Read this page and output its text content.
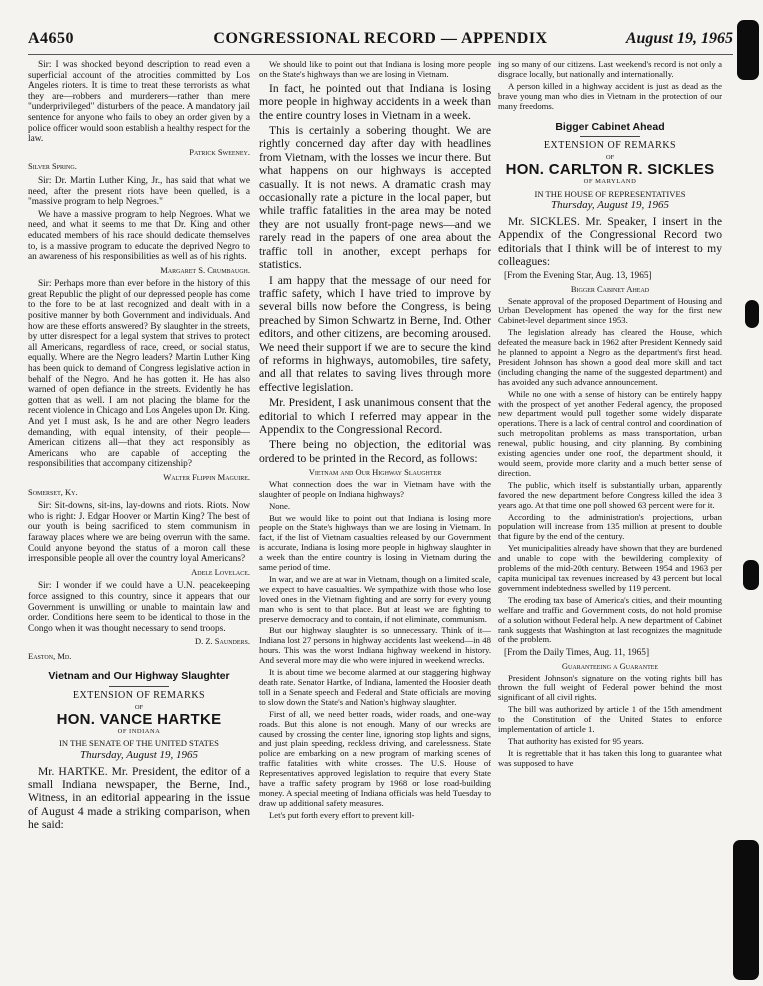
A4650	CONGRESSIONAL RECORD — APPENDIX	August 19, 1965

Sir: I was shocked beyond description to read even a superficial account of the atrocities committed by Los Angeles rioters. It is time to treat these terrorists as what they are—robbers and murderers—rather than mere "underprivileged" disturbers of the peace. A mandatory jail sentence for anyone who fails to obey an order given by a police officer would soon establish a healthy respect for the law.

Patrick Sweeney.
Silver Spring.

Sir: Dr. Martin Luther King, Jr., has said that what we need, after the present riots have been quelled, is a "massive program to help Negroes."

We have a massive program to help Negroes. What we need, and what it seems to me that Dr. King and other educated members of his race should dedicate themselves to, is a massive program to educate the deprived Negro to an awareness of his responsibilities as well as of his rights.

Margaret S. Crumbaugh.

Sir: Perhaps more than ever before in the history of this great Republic the plight of our depressed people has come to the fore to be at last recognized and dealt with in a positive manner by both Government and individuals. And how are these efforts answered? By slaughter in the streets, by utter disrespect for a legal system that strives to protect all Americans, regardless of race, creed, or social status, equally. Where are the Negro leaders? Martin Luther King has been quick to demand of Congress legislative action in behalf of the Negro. And he has gotten it. He has also warned of open defiance in the streets. Evidently he has gotten that as well. I am not placing the blame for the recent violence in Chicago and Los Angeles upon Dr. King. And yet I must ask, Is he and are other Negro leaders demanding, with equal intensity, of their people—American citizens all—that they act responsibly as Americans who are capable of accepting the responsibilities that accompany citizenship?

Walter Flippin Maguire.
Somerset, Ky.

Sir: Sit-downs, sit-ins, lay-downs and riots. Riots. Now who is right: J. Edgar Hoover or Martin King? The best of our youth is being sacrificed to stem communism in faraway places where we are being overrun with the same. Could anyone beyond the status of a moron call these irresponsible people all over the country loyal Americans?

Adele Lovelace.

Sir: I wonder if we could have a U.N. peacekeeping force assigned to this country, since it appears that our Government is unwilling or unable to maintain law and order. Conditions here seem to be identical to those in the Congo when it was thought necessary to send troops.

D. Z. Saunders.
Easton, Md.
Vietnam and Our Highway Slaughter
EXTENSION OF REMARKS
OF
HON. VANCE HARTKE
OF INDIANA
IN THE SENATE OF THE UNITED STATES
Thursday, August 19, 1965

Mr. HARTKE. Mr. President, the editor of a small Indiana newspaper, the Berne, Ind., Witness, in an editorial appearing in the issue of August 4 made a striking comparison, when he said:

We should like to point out that Indiana is losing more people on the State's highways than we are losing in Vietnam.

In fact, he pointed out that Indiana is losing more people in highway accidents in a week than the entire country loses in Vietnam in a week.

This is certainly a sobering thought. We are rightly concerned day after day with headlines from Vietnam, with the losses we incur there. But what happens on our highways is accepted casually. It is not news. A dramatic crash may occasionally rate a picture in the local paper, but while traffic fatalities in the area may be noted they are not usually front-page news—and we rarely read in the papers of one area about the traffic toll in another, except perhaps for statistics.

I am happy that the message of our need for traffic safety, which I have tried to improve by several bills now before the Congress, is being preached by Simon Schwartz in Berne, Ind. Other editors, and other citizens, are becoming aroused. We need their support if we are to secure the kind of reforms in highways, automobiles, tire safety, and all that relates to saving lives through more effective legislation.

Mr. President, I ask unanimous consent that the editorial to which I referred may appear in the Appendix to the Congressional Record.

There being no objection, the editorial was ordered to be printed in the Record, as follows:

Vietnam and Our Highway Slaughter

What connection does the war in Vietnam have with the slaughter of people on Indiana highways?

None.

But we would like to point out that Indiana is losing more people on the State's highways than we are losing in Vietnam. In fact, if the list of Vietnam casualties released by our Government is accurate, Indiana is losing more people in highway slaughter in a week than the entire country is losing in Vietnam during the same period of time.

In war, and we are at war in Vietnam, though on a limited scale, we expect to have casualties. We sympathize with those who lose loved ones in the Vietnam fighting and are sorry for every young man who is sent to that place. But at least we are fighting to preserve democracy and to contain, if not eliminate, communism.

But our highway slaughter is so unnecessary. Think of it—Indiana lost 27 persons in highway accidents last weekend—in 48 hours. This was the worst Indiana highway weekend in history. And several more may die who were injured in weekend wrecks.

It is about time we become alarmed at our staggering highway death rate. Senator Hartke, of Indiana, lamented the Hoosier death toll in a Senate speech and Federal and State officials are moving to slow down the State's and Nation's highway slaughter.

First of all, we need better roads, wider roads, and one-way roads. But this alone is not enough. Many of our wrecks are caused by crossing the center line, ignoring stop lights and signs, and just plain speeding, reckless driving, and carelessness. State police are embarking on a new program of marking scenes of traffic fatalities with white crosses. The U.S. House of Representatives approved legislation to require that every State have a traffic safety program by 1968 or lose road-building money. A special meeting of Indiana officials was held Tuesday to draw up additional safety measures.

Let's put forth every effort to prevent kill-

ing so many of our citizens. Last weekend's record is not only a disgrace locally, but nationally and internationally.

A person killed in a highway accident is just as dead as the brave young man who dies in Vietnam in the protection of our many freedoms.

Bigger Cabinet Ahead
EXTENSION OF REMARKS
OF
HON. CARLTON R. SICKLES
OF MARYLAND
IN THE HOUSE OF REPRESENTATIVES
Thursday, August 19, 1965

Mr. SICKLES. Mr. Speaker, I insert in the Appendix of the Congressional Record two editorials that I think will be of interest to my colleagues:

[From the Evening Star, Aug. 13, 1965]
Bigger Cabinet Ahead

Senate approval of the proposed Department of Housing and Urban Development has opened the way for the first new Cabinet-level department since 1953.

The legislation already has cleared the House, which defeated the measure back in 1962 after President Kennedy said he planned to appoint a Negro as the department's first head. President Johnson has shown a good deal more skill and tact (including changing the name of the suggested department) and has avoided any such advance announcement.

While no one with a sense of history can be entirely happy with the prospect of yet another Federal agency, the proposed new department would pull together some widely disparate operations. There is a lack of central control and coordination of such metropolitan problems as mass transportation, urban renewal, public housing, and city planning. By combining existing agencies under one roof, the department should, it would seem, provide more clarity and a much better sense of direction.

The public, which itself is substantially urban, apparently favored the new department before Congress killed the idea 3 years ago. At that time one poll showed 63 percent were for it.

According to the administration's projections, urban population will increase from 135 million at present to double that figure by the end of the century.

Yet municipalities already have shown that they are burdened and unable to cope with the bewildering complexity of problems of the mid-20th century. Between 1954 and 1963 per capita municipal tax revenues increased by 43 percent but local government indebtedness swelled by 119 percent.

The eroding tax base of America's cities, and their mounting welfare and traffic and Government costs, do not hold promise of a solution without Federal help. A new department of Cabinet rank suggests that Washington at last recognizes the magnitude of the problem.

[From the Daily Times, Aug. 11, 1965]
Guaranteeing a Guarantee

President Johnson's signature on the voting rights bill has thrown the full weight of Federal power behind the most significant of all civil rights.

The bill was authorized by article 1 of the 15th amendment to the Constitution of the United States to enforce implementation of article 1.

That authority has existed for 95 years.

It is regrettable that it has taken this long to guarantee what was supposed to have
